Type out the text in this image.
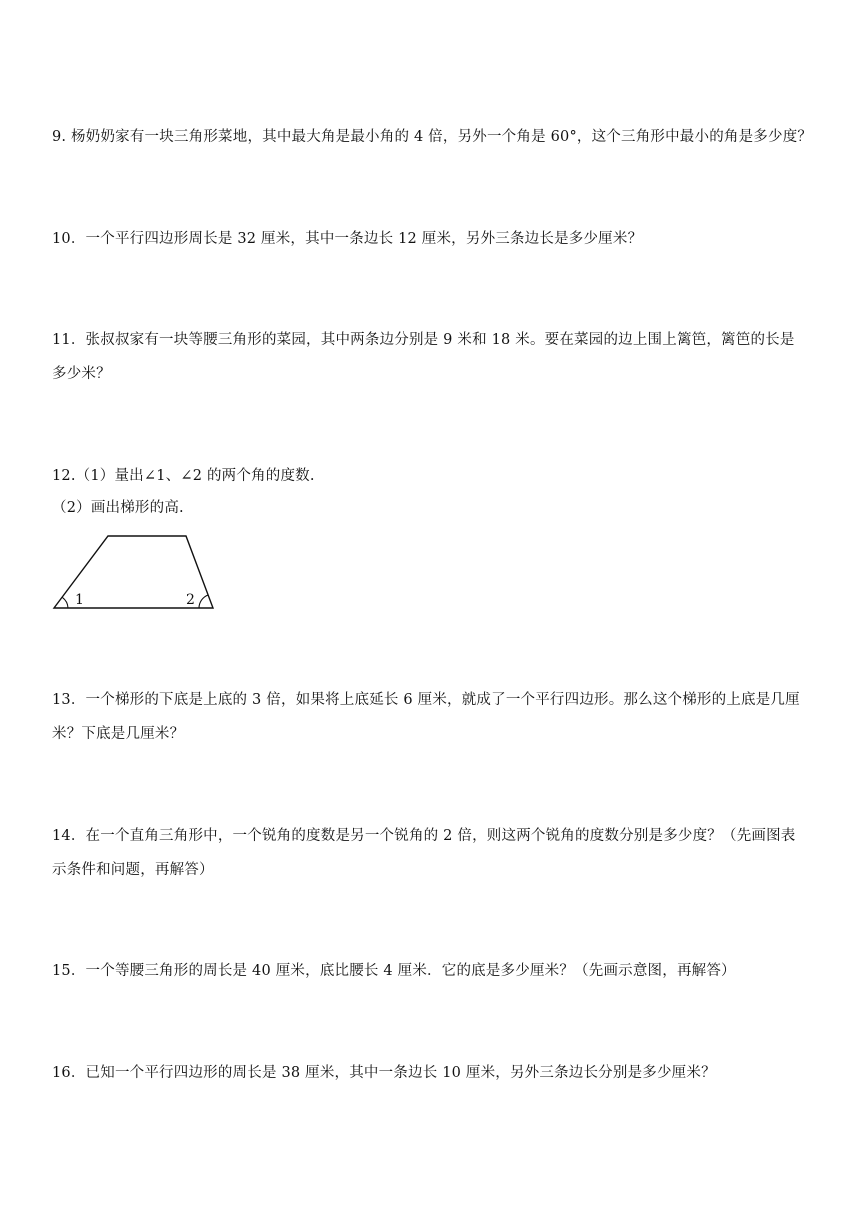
9. 杨奶奶家有一块三角形菜地，其中最大角是最小角的 4 倍，另外一个角是 60°，这个三角形中最小的角是多少度？
10．一个平行四边形周长是 32 厘米，其中一条边长 12 厘米，另外三条边长是多少厘米？
11．张叔叔家有一块等腰三角形的菜园，其中两条边分别是 9 米和 18 米。要在菜园的边上围上篱笆，篱笆的长是
多少米？
12.（1）量出∠1、∠2 的两个角的度数.
（2）画出梯形的高.
1	2
13．一个梯形的下底是上底的 3 倍，如果将上底延长 6 厘米，就成了一个平行四边形。那么这个梯形的上底是几厘
米？下底是几厘米？
14．在一个直角三角形中，一个锐角的度数是另一个锐角的 2 倍，则这两个锐角的度数分别是多少度？（先画图表
示条件和问题，再解答）
15．一个等腰三角形的周长是 40 厘米，底比腰长 4 厘米．它的底是多少厘米？（先画示意图，再解答）
16．已知一个平行四边形的周长是 38 厘米，其中一条边长 10 厘米，另外三条边长分别是多少厘米？
